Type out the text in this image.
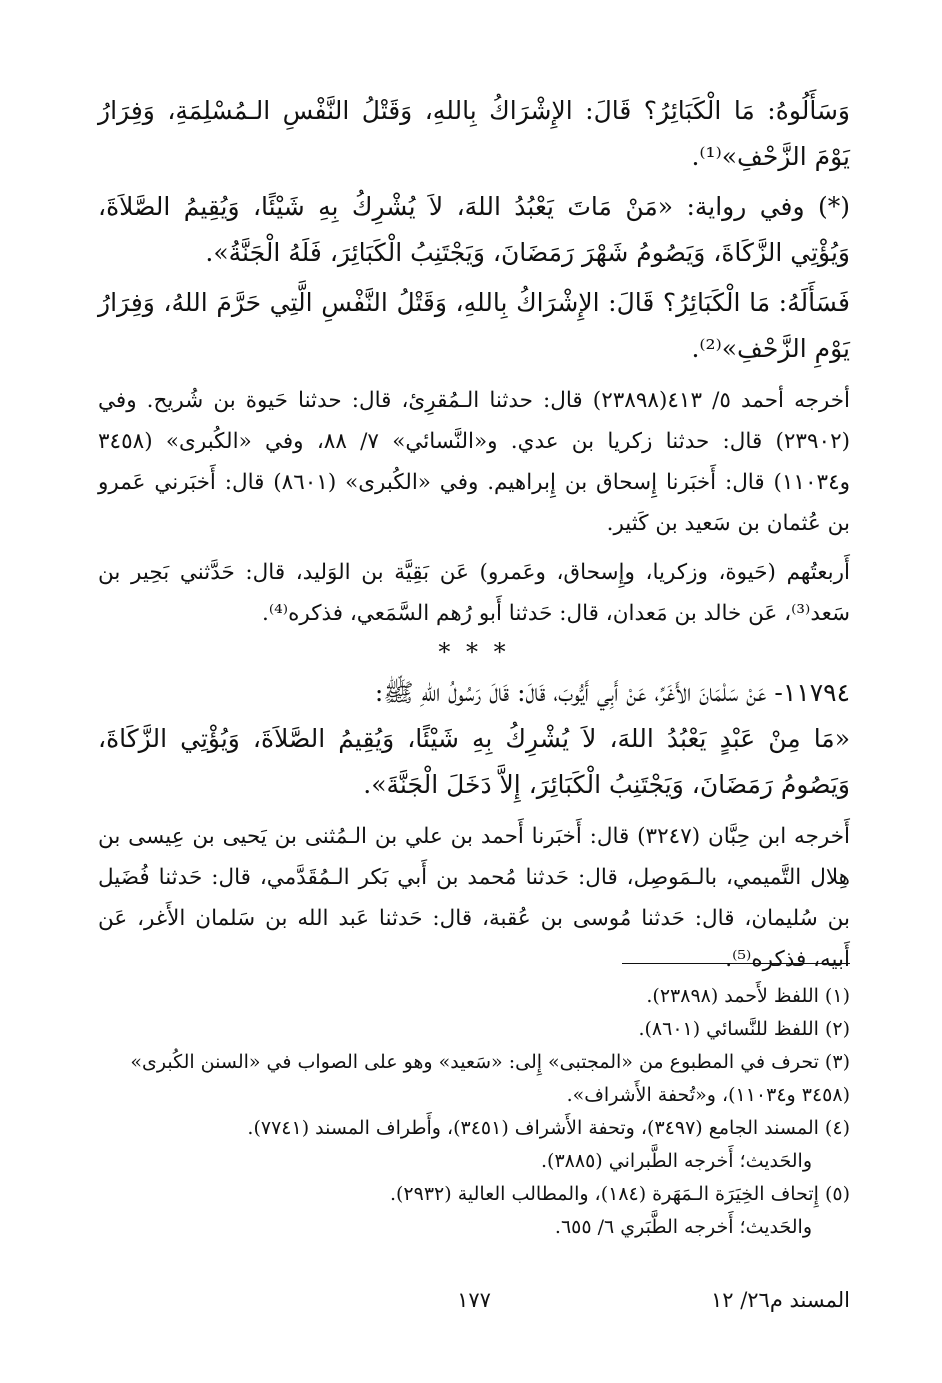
وَسَأَلُوهُ: مَا الْكَبَائِرُ؟ قَالَ: الإِشْرَاكُ بِاللهِ، وَقَتْلُ النَّفْسِ الـمُسْلِمَةِ، وَفِرَارُ يَوْمَ الزَّحْفِ»⁽¹⁾.

(*) وفي رواية: «مَنْ مَاتَ يَعْبُدُ اللهَ، لاَ يُشْرِكُ بِهِ شَيْئًا، وَيُقِيمُ الصَّلاَةَ، وَيُؤْتِي الزَّكَاةَ، وَيَصُومُ شَهْرَ رَمَضَانَ، وَيَجْتَنِبُ الْكَبَائِرَ، فَلَهُ الْجَنَّةُ».

فَسَأَلَهُ: مَا الْكَبَائِرُ؟ قَالَ: الإِشْرَاكُ بِاللهِ، وَقَتْلُ النَّفْسِ الَّتِي حَرَّمَ اللهُ، وَفِرَارُ يَوْمِ الزَّحْفِ»⁽²⁾.

أخرجه أحمد ٥/ ٤١٣(٢٣٨٩٨) قال: حدثنا الـمُقرِئ، قال: حدثنا حَيوة بن شُريح. وفي (٢٣٩٠٢) قال: حدثنا زكريا بن عدي. و«النَّسائي» ٧/ ٨٨، وفي «الكُبرى» (٣٤٥٨ و١١٠٣٤) قال: أَخبَرنا إِسحاق بن إِبراهيم. وفي «الكُبرى» (٨٦٠١) قال: أَخبَرني عَمرو بن عُثمان بن سَعيد بن كَثير.

أَربعتُهم (حَيوة، وزكريا، وإِسحاق، وعَمرو) عَن بَقِيَّة بن الوَليد، قال: حَدَّثني بَحِير بن سَعد⁽³⁾، عَن خالد بن مَعدان، قال: حَدثنا أَبو رُهم السَّمَعي، فذكره⁽⁴⁾.

* * *

١١٧٩٤- عَنْ سَلْمَانَ الأَغَرِّ، عَنْ أَبِي أَيُّوبَ، قَالَ: قَالَ رَسُولُ اللهِ ﷺ:

«مَا مِنْ عَبْدٍ يَعْبُدُ اللهَ، لاَ يُشْرِكُ بِهِ شَيْئًا، وَيُقِيمُ الصَّلاَةَ، وَيُؤْتِي الزَّكَاةَ، وَيَصُومُ رَمَضَانَ، وَيَجْتَنِبُ الْكَبَائِرَ، إِلاَّ دَخَلَ الْجَنَّةَ».

أَخرجه ابن حِبَّان (٣٢٤٧) قال: أَخبَرنا أَحمد بن علي بن الـمُثنى بن يَحيى بن عِيسى بن هِلال التَّميمي، بالـمَوصِل، قال: حَدثنا مُحمد بن أَبي بَكر الـمُقَدَّمي، قال: حَدثنا فُضَيل بن سُليمان، قال: حَدثنا مُوسى بن عُقبة، قال: حَدثنا عَبد الله بن سَلمان الأَغر، عَن أَبيه، فذكره⁽⁵⁾.

(١) اللفظ لأَحمد (٢٣٨٩٨).

(٢) اللفظ للنَّسائي (٨٦٠١).

(٣) تحرف في المطبوع من «المجتبى» إِلى: «سَعيد» وهو على الصواب في «السنن الكُبرى» (٣٤٥٨ و١١٠٣٤)، و«تُحفة الأَشراف».

(٤) المسند الجامع (٣٤٩٧)، وتحفة الأَشراف (٣٤٥١)، وأَطراف المسند (٧٧٤١).

والحَديث؛ أَخرجه الطَّبراني (٣٨٨٥).

(٥) إِتحاف الخِيَرَة الـمَهَرة (١٨٤)، والمطالب العالية (٢٩٣٢).

والحَديث؛ أَخرجه الطَّبَري ٦/ ٦٥٥.

المسند م٢٦/ ١٢
١٧٧
